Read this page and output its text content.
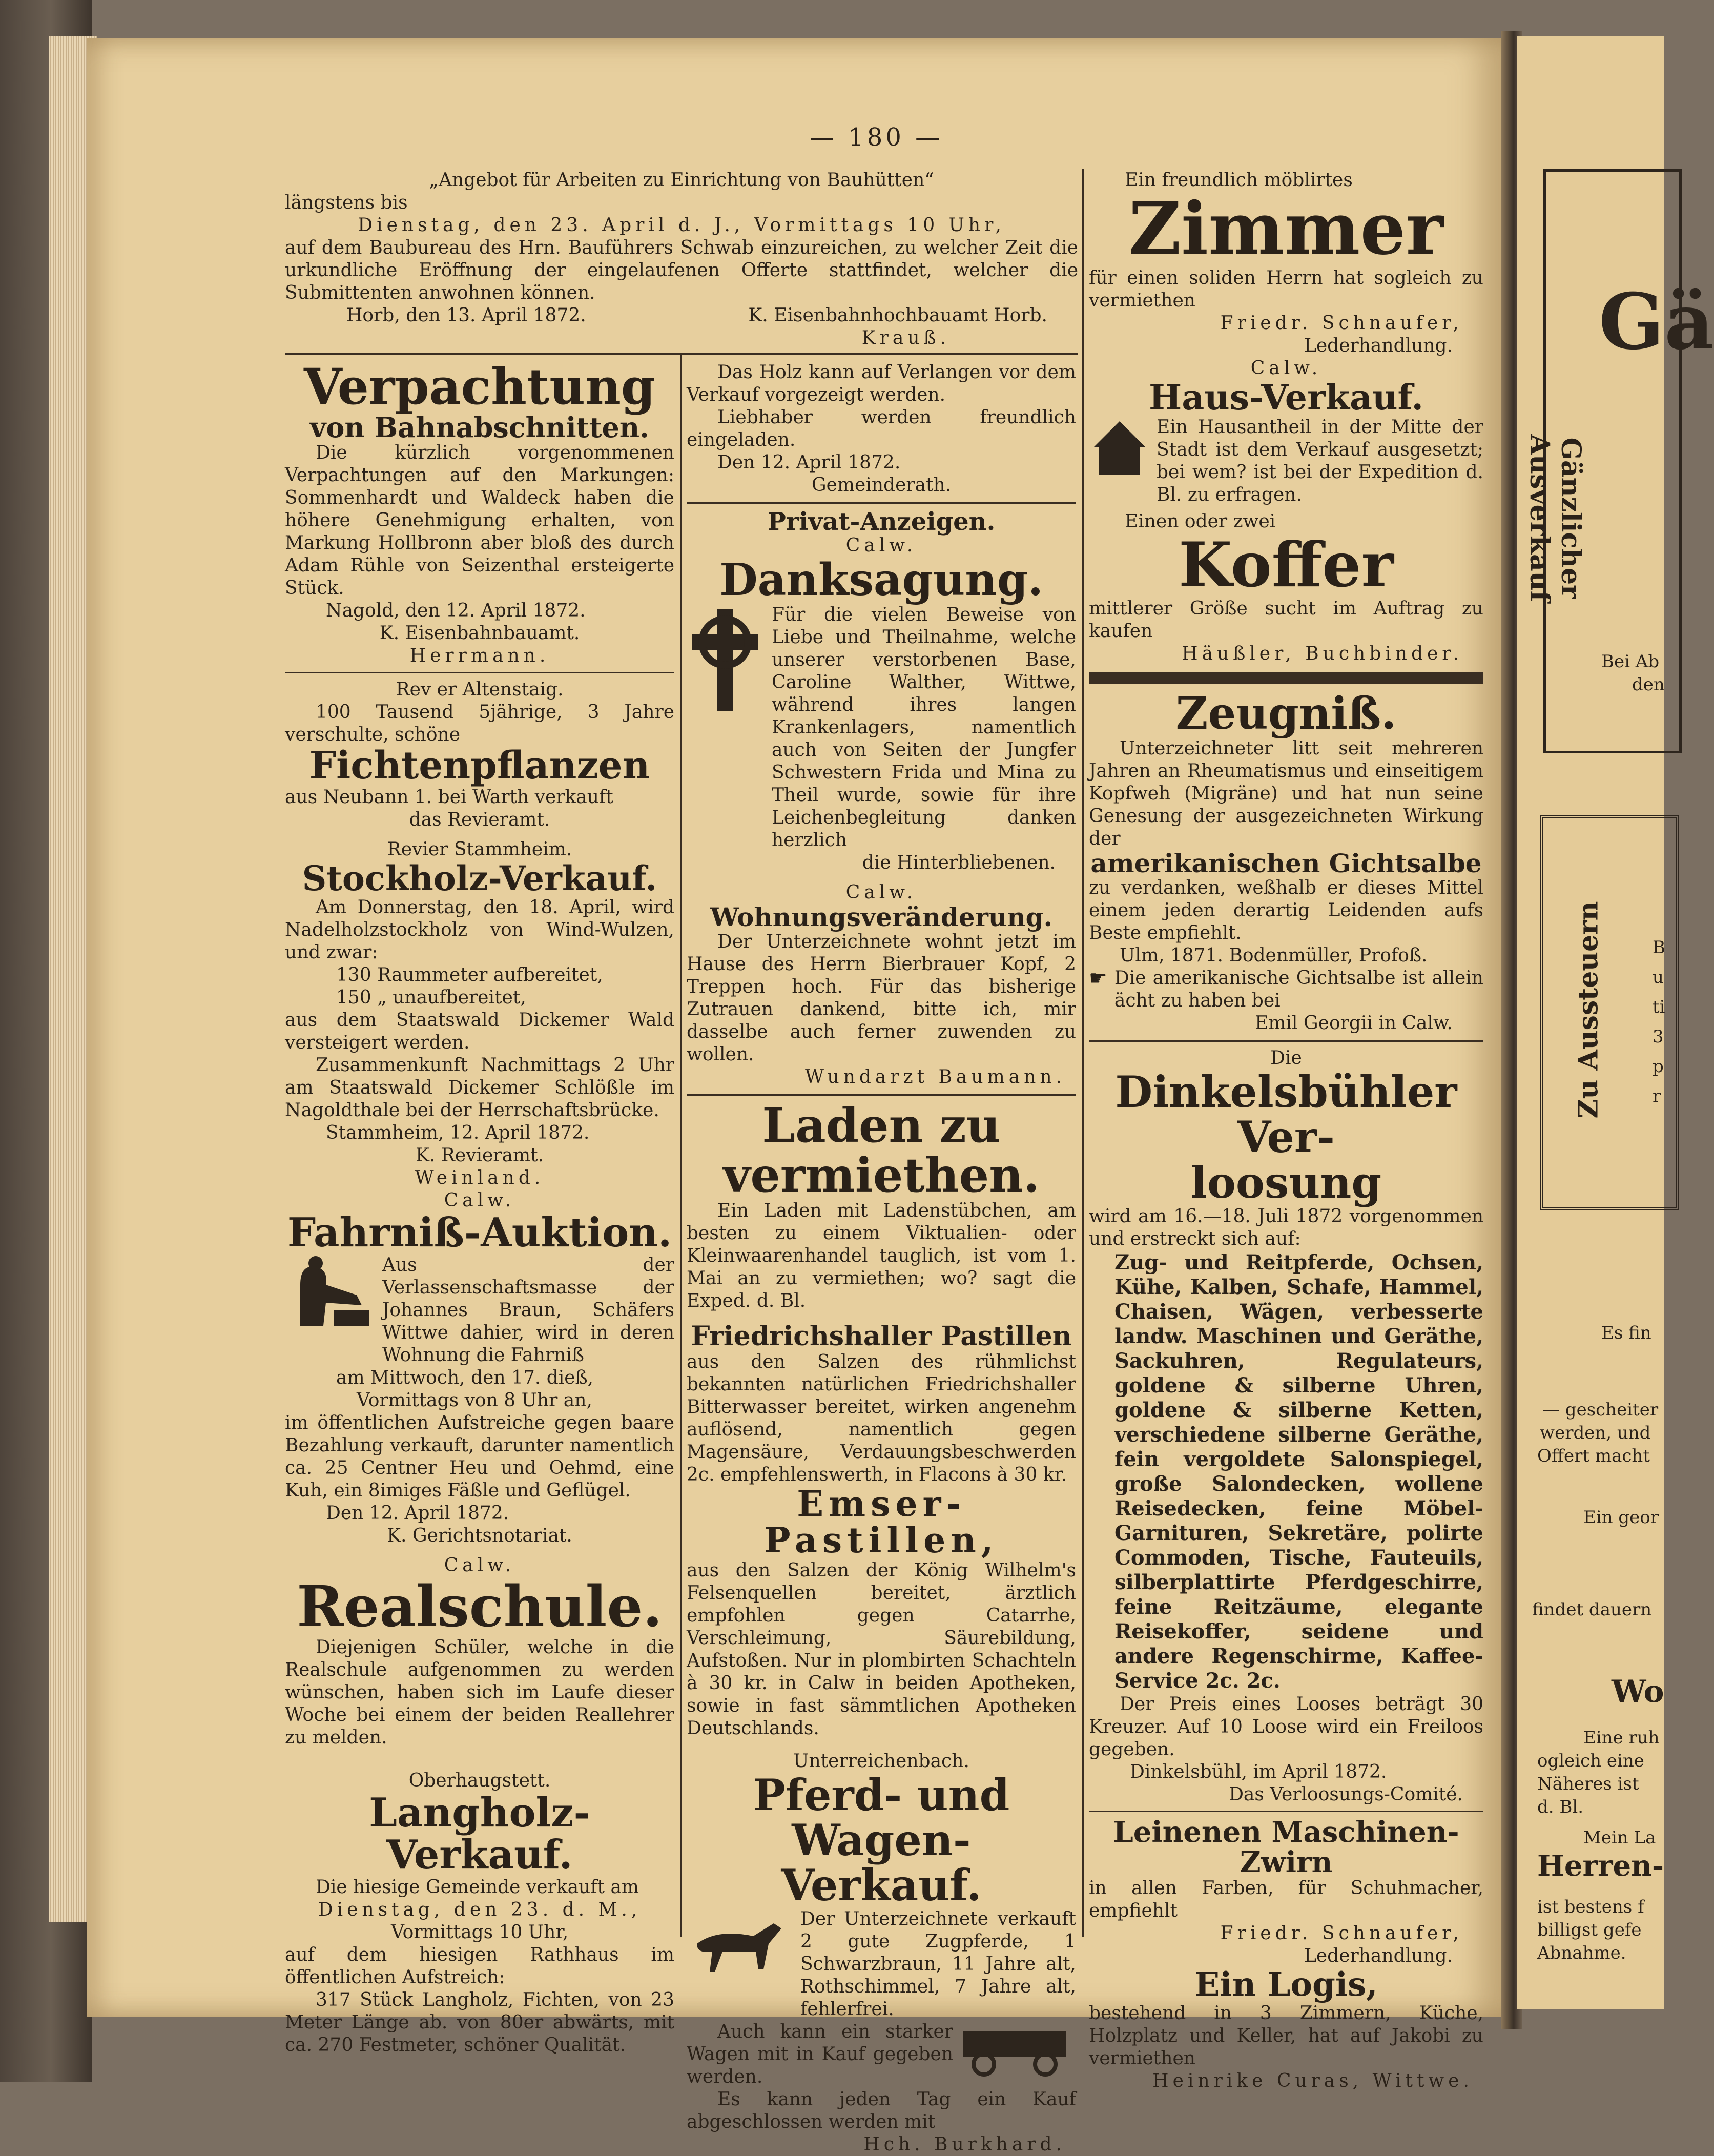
— 180 —
„Angebot für Arbeiten zu Einrichtung von Bauhütten“
längstens bis
Dienstag, den 23. April d. J., Vormittags 10 Uhr,
auf dem Baubureau des Hrn. Bauführers Schwab einzureichen, zu welcher Zeit die urkundliche Eröffnung der eingelaufenen Offerte stattfindet, welcher die Submittenten anwohnen können.
Horb, den 13. April 1872.	K. Eisenbahnhochbauamt Horb.
Krauß.
Verpachtung
von Bahnabschnitten.
Die kürzlich vorgenommenen Verpachtungen auf den Markungen: Sommenhardt und Waldeck haben die höhere Genehmigung erhalten, von Markung Hollbronn aber bloß des durch Adam Rühle von Seizenthal ersteigerte Stück.
Nagold, den 12. April 1872.
K. Eisenbahnbauamt.
Herrmann.
Rev er Altenstaig.
100 Tausend 5jährige, 3 Jahre verschulte, schöne
Fichtenpflanzen
aus Neubann 1. bei Warth verkauft
das Revieramt.
Revier Stammheim.
Stockholz-Verkauf.
Am Donnerstag, den 18. April, wird Nadelholzstockholz von Wind-Wulzen, und zwar:
130 Raummeter aufbereitet,
150 „ unaufbereitet,
aus dem Staatswald Dickemer Wald versteigert werden.
Zusammenkunft Nachmittags 2 Uhr am Staatswald Dickemer Schlößle im Nagoldthale bei der Herrschaftsbrücke.
Stammheim, 12. April 1872.
K. Revieramt.
Weinland.
Calw.
Fahrniß-Auktion.
Aus der Verlassenschaftsmasse der Johannes Braun, Schäfers Wittwe dahier, wird in deren Wohnung die Fahrniß
am Mittwoch, den 17. dieß,
Vormittags von 8 Uhr an,
im öffentlichen Aufstreiche gegen baare Bezahlung verkauft, darunter namentlich ca. 25 Centner Heu und Oehmd, eine Kuh, ein 8imiges Fäßle und Geflügel.
Den 12. April 1872.
K. Gerichtsnotariat.
Calw.
Realschule.
Diejenigen Schüler, welche in die Realschule aufgenommen zu werden wünschen, haben sich im Laufe dieser Woche bei einem der beiden Reallehrer zu melden.
Oberhaugstett.
Langholz-Verkauf.
Die hiesige Gemeinde verkauft am
Dienstag, den 23. d. M.,
Vormittags 10 Uhr,
auf dem hiesigen Rathhaus im öffentlichen Aufstreich:
317 Stück Langholz, Fichten, von 23 Meter Länge ab. von 80er abwärts, mit ca. 270 Festmeter, schöner Qualität.
Das Holz kann auf Verlangen vor dem Verkauf vorgezeigt werden.
Liebhaber werden freundlich eingeladen.
Den 12. April 1872.
Gemeinderath.
Privat-Anzeigen.
Calw.
Danksagung.
Für die vielen Beweise von Liebe und Theilnahme, welche unserer verstorbenen Base, Caroline Walther, Wittwe, während ihres langen Krankenlagers, namentlich auch von Seiten der Jungfer Schwestern Frida und Mina zu Theil wurde, sowie für ihre Leichenbegleitung danken herzlich
die Hinterbliebenen.
Calw.
Wohnungsveränderung.
Der Unterzeichnete wohnt jetzt im Hause des Herrn Bierbrauer Kopf, 2 Treppen hoch. Für das bisherige Zutrauen dankend, bitte ich, mir dasselbe auch ferner zuwenden zu wollen.
Wundarzt Baumann.
Laden zu vermiethen.
Ein Laden mit Ladenstübchen, am besten zu einem Viktualien- oder Kleinwaarenhandel tauglich, ist vom 1. Mai an zu vermiethen; wo? sagt die Exped. d. Bl.
Friedrichshaller Pastillen
aus den Salzen des rühmlichst bekannten natürlichen Friedrichshaller Bitterwasser bereitet, wirken angenehm auflösend, namentlich gegen Magensäure, Verdauungsbeschwerden 2c. empfehlenswerth, in Flacons à 30 kr.
Emser-Pastillen,
aus den Salzen der König Wilhelm's Felsenquellen bereitet, ärztlich empfohlen gegen Catarrhe, Verschleimung, Säurebildung, Aufstoßen. Nur in plombirten Schachteln à 30 kr. in Calw in beiden Apotheken, sowie in fast sämmtlichen Apotheken Deutschlands.
Unterreichenbach.
Pferd- und Wagen-
Verkauf.
Der Unterzeichnete verkauft 2 gute Zugpferde, 1 Schwarzbraun, 11 Jahre alt, Rothschimmel, 7 Jahre alt, fehlerfrei.
Auch kann ein starker Wagen mit in Kauf gegeben werden.
Es kann jeden Tag ein Kauf abgeschlossen werden mit
Hch. Burkhard.
Ein freundlich möblirtes
Zimmer
für einen soliden Herrn hat sogleich zu vermiethen
Friedr. Schnaufer,
Lederhandlung.
Calw.
Haus-Verkauf.
Ein Hausantheil in der Mitte der Stadt ist dem Verkauf ausgesetzt; bei wem? ist bei der Expedition d. Bl. zu erfragen.
Einen oder zwei
Koffer
mittlerer Größe sucht im Auftrag zu kaufen
Häußler, Buchbinder.
Zeugniß.
Unterzeichneter litt seit mehreren Jahren an Rheumatismus und einseitigem Kopfweh (Migräne) und hat nun seine Genesung der ausgezeichneten Wirkung der
amerikanischen Gichtsalbe
zu verdanken, weßhalb er dieses Mittel einem jeden derartig Leidenden aufs Beste empfiehlt.
Ulm, 1871. Bodenmüller, Profoß.
☛ Die amerikanische Gichtsalbe ist allein ächt zu haben bei
Emil Georgii in Calw.
Die
Dinkelsbühler Ver-
loosung
wird am 16.—18. Juli 1872 vorgenommen und erstreckt sich auf:
Zug- und Reitpferde, Ochsen, Kühe, Kalben, Schafe, Hammel, Chaisen, Wägen, verbesserte landw. Maschinen und Geräthe, Sackuhren, Regulateurs, goldene & silberne Uhren, goldene & silberne Ketten, verschiedene silberne Geräthe, fein vergoldete Salonspiegel, große Salondecken, wollene Reisedecken, feine Möbel-Garnituren, Sekretäre, polirte Commoden, Tische, Fauteuils, silberplattirte Pferdgeschirre, feine Reitzäume, elegante Reisekoffer, seidene und andere Regenschirme, Kaffee-Service 2c. 2c.
Der Preis eines Looses beträgt 30 Kreuzer. Auf 10 Loose wird ein Freiloos gegeben.
Dinkelsbühl, im April 1872.
Das Verloosungs-Comité.
Leinenen Maschinen-Zwirn
in allen Farben, für Schuhmacher, empfiehlt
Friedr. Schnaufer,
Lederhandlung.
Ein Logis,
bestehend in 3 Zimmern, Küche, Holzplatz und Keller, hat auf Jakobi zu vermiethen
Heinrike Curas, Wittwe.
Gä
Gänzlicher Ausverkauf
Bei Ab
den
Zu Aussteuern	B
u
ti
3
p
r
Es fin
— gescheiter
werden, und
Offert macht
Ein geor
findet dauern
Wo
Eine ruh
ogleich eine
Näheres ist
d. Bl.
Mein La
Herren-
ist bestens f
billigst gefe
Abnahme.
